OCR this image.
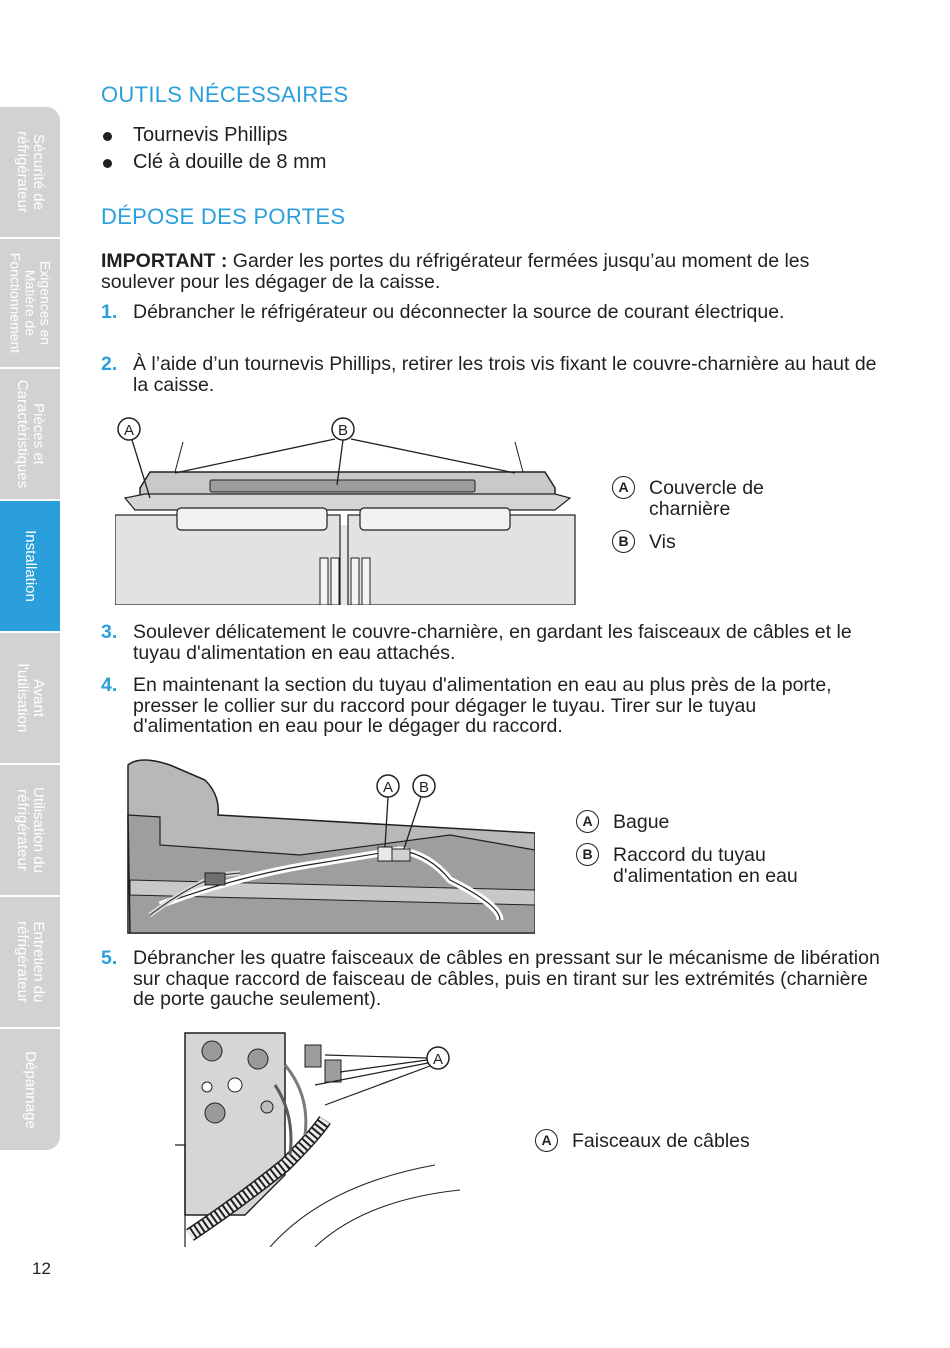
Sécurité de
réfrigérateur
Exigences en
Matière de
Fonctionnement
Pièces et
Caractéristiques
Installation
Avant
l'utilisation
Utilisation du
réfrigérateur
Entretien du
réfrigérateur
Dépannage
OUTILS NÉCESSAIRES
Tournevis Phillips
Clé à douille de 8 mm
DÉPOSE DES PORTES

IMPORTANT : Garder les portes du réfrigérateur fermées jusqu’au moment de les soulever pour les dégager de la caisse.

1. Débrancher le réfrigérateur ou déconnecter la source de courant électrique.
2. À l’aide d’un tournevis Phillips, retirer les trois vis fixant le couvre-charnière au haut de la caisse.
A	B
A	Couvercle de
charnière
B	Vis
3. Soulever délicatement le couvre-charnière, en gardant les faisceaux de câbles et le tuyau d'alimentation en eau attachés.
4. En maintenant la section du tuyau d'alimentation en eau au plus près de la porte, presser le collier sur du raccord pour dégager le tuyau. Tirer sur le tuyau d'alimentation en eau pour le dégager du raccord.
A B
A	Bague
B	Raccord du tuyau
d'alimentation en eau
5. Débrancher les quatre faisceaux de câbles en pressant sur le mécanisme de libération sur chaque raccord de faisceau de câbles, puis en tirant sur les extrémités (charnière de porte gauche seulement).
A
A	Faisceaux de câbles
12
